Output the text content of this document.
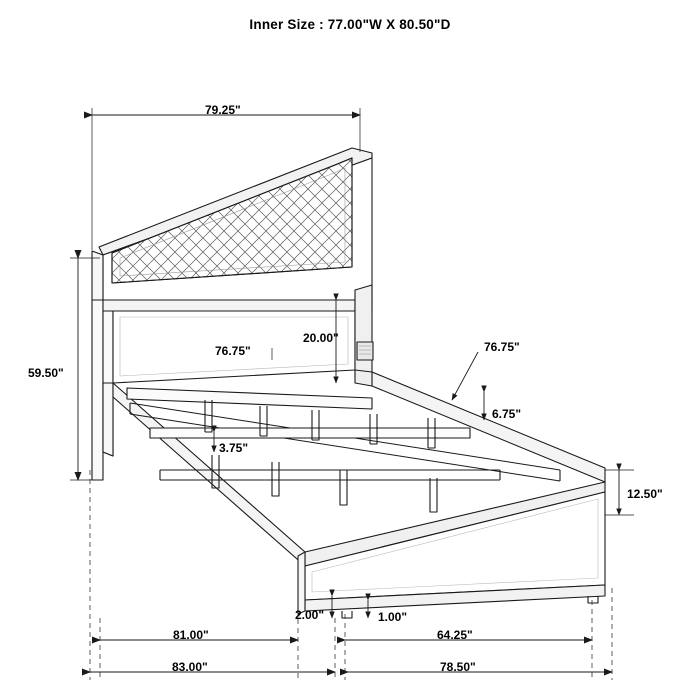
Inner Size : 77.00"W X 80.50"D
79.25"
20.00"
76.75"	76.75"
59.50"
6.75"
3.75"
12.50"
2.00"	1.00"
81.00"	64.25"
83.00"	78.50"
